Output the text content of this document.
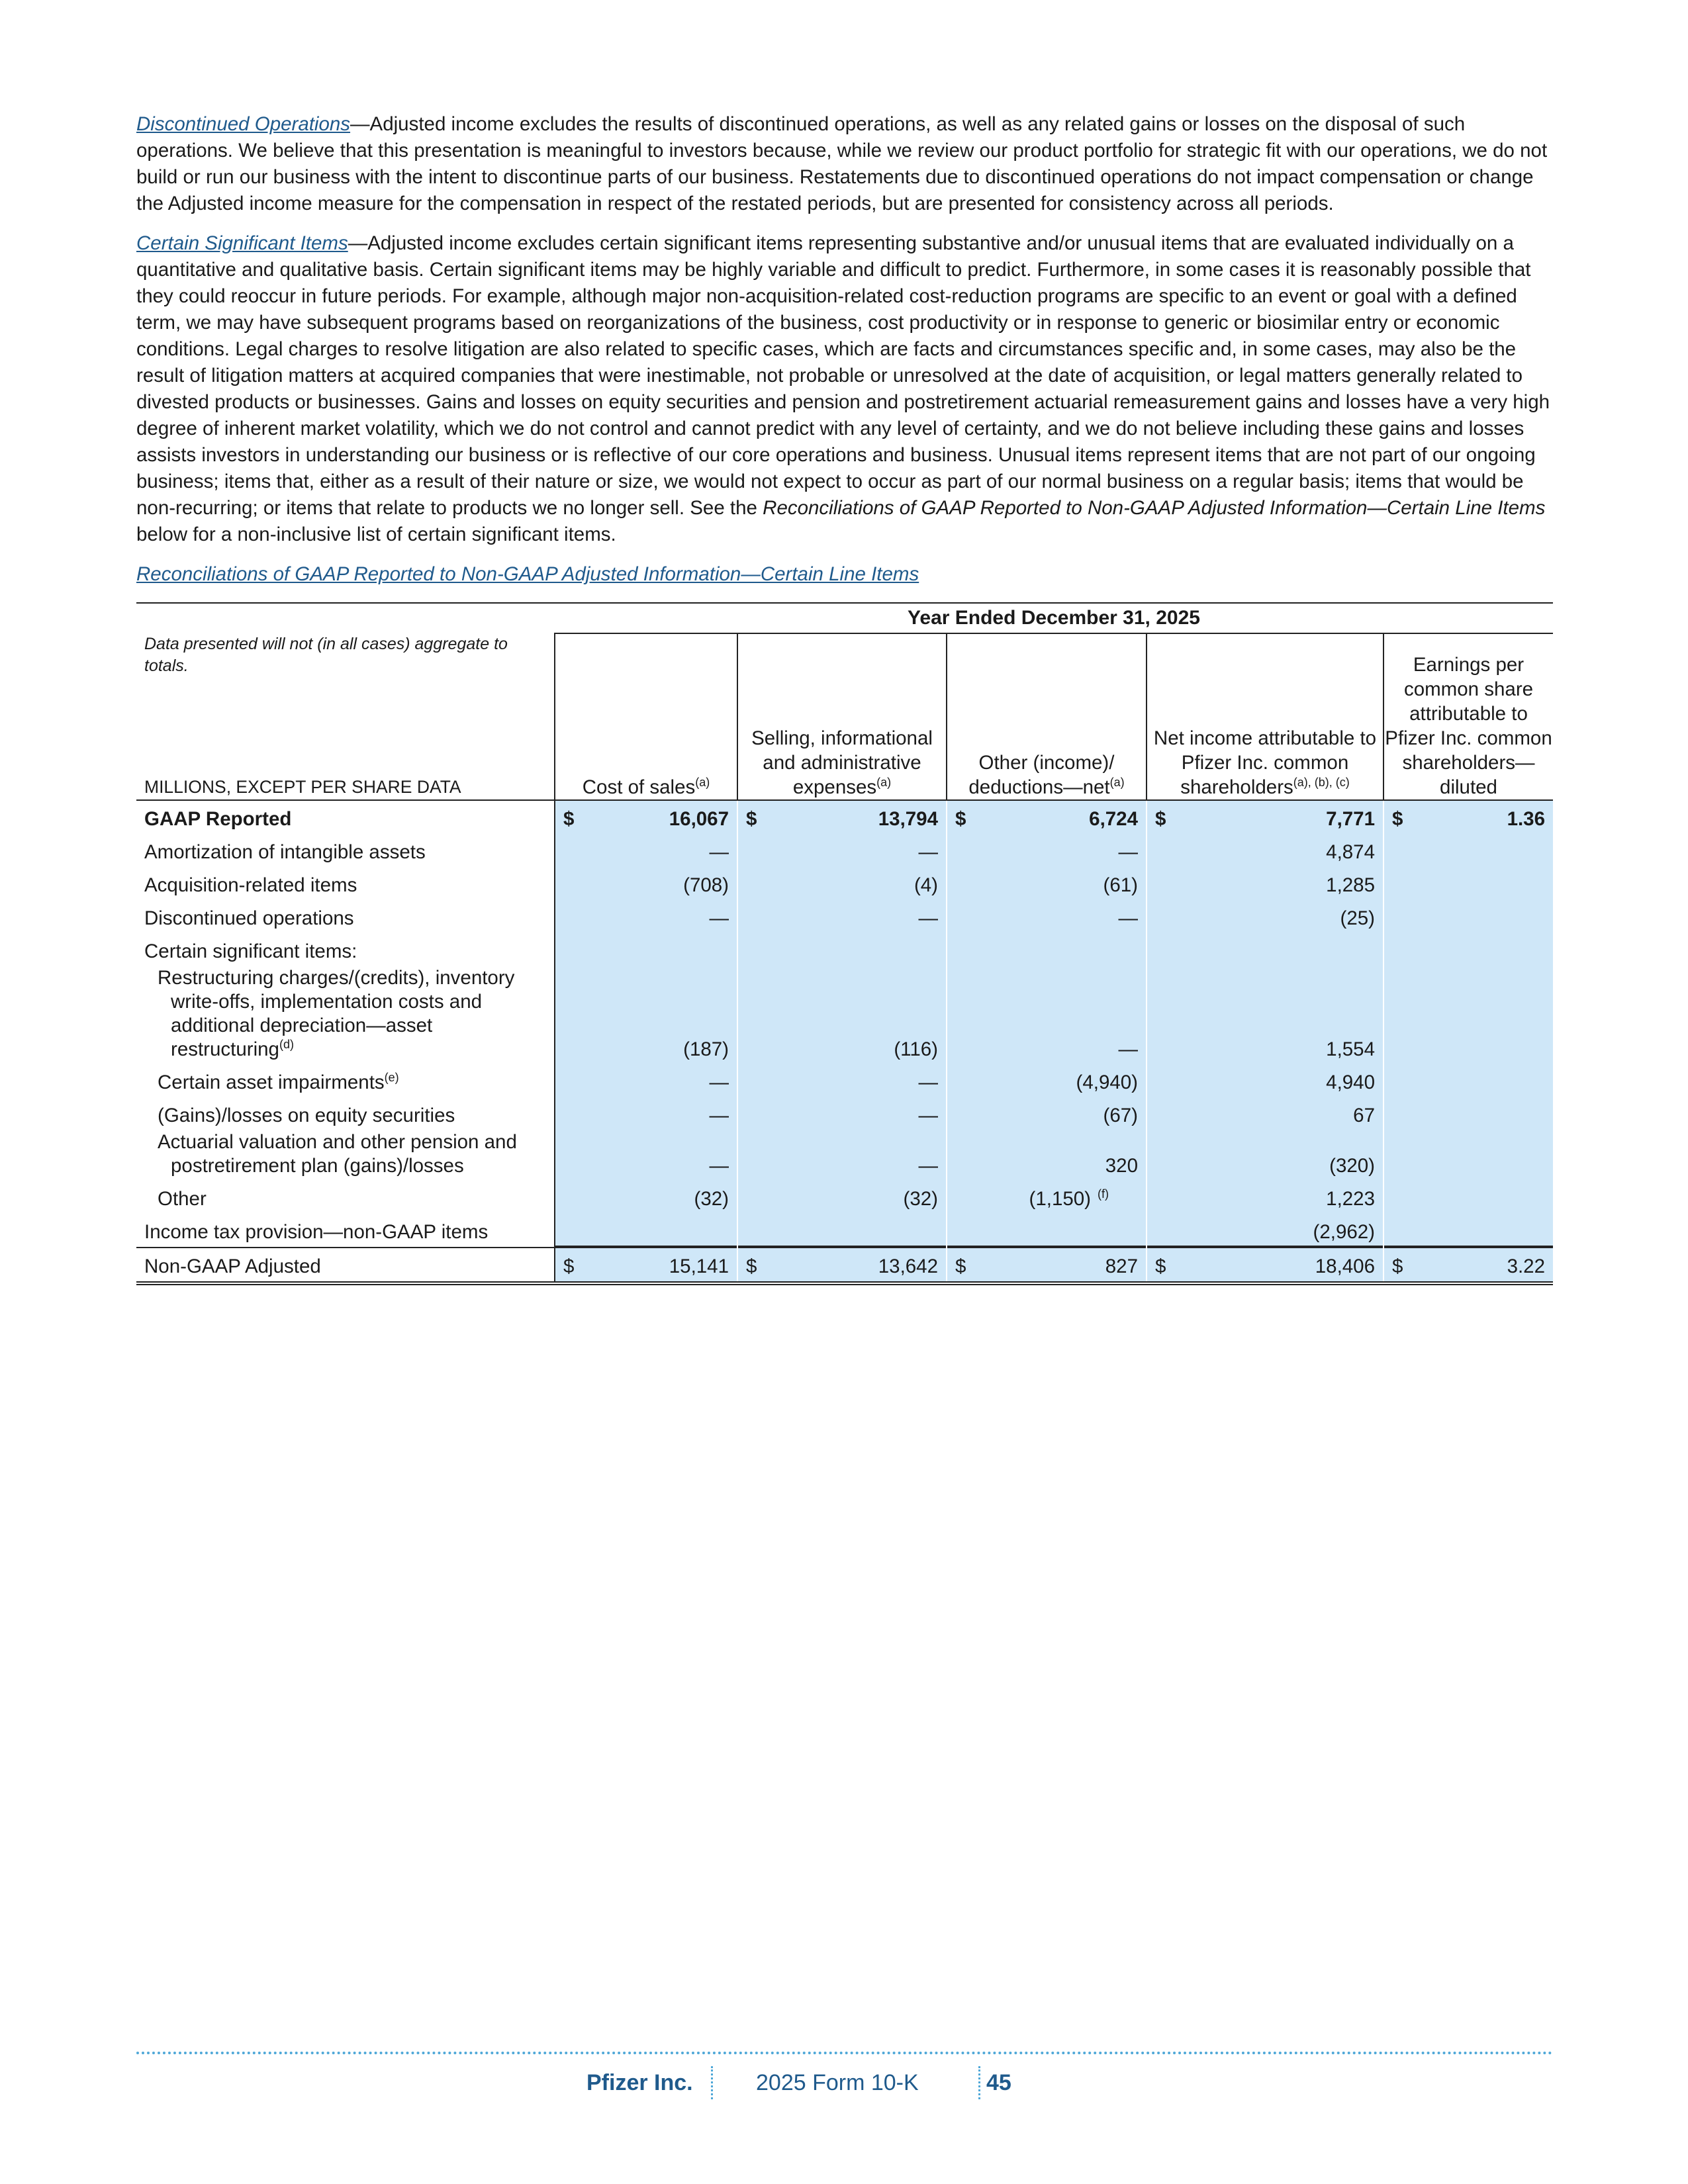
Discontinued Operations—Adjusted income excludes the results of discontinued operations, as well as any related gains or losses on the disposal of such operations. We believe that this presentation is meaningful to investors because, while we review our product portfolio for strategic fit with our operations, we do not build or run our business with the intent to discontinue parts of our business. Restatements due to discontinued operations do not impact compensation or change the Adjusted income measure for the compensation in respect of the restated periods, but are presented for consistency across all periods.

Certain Significant Items—Adjusted income excludes certain significant items representing substantive and/or unusual items that are evaluated individually on a quantitative and qualitative basis. Certain significant items may be highly variable and difficult to predict. Furthermore, in some cases it is reasonably possible that they could reoccur in future periods. For example, although major non-acquisition-related cost-reduction programs are specific to an event or goal with a defined term, we may have subsequent programs based on reorganizations of the business, cost productivity or in response to generic or biosimilar entry or economic conditions. Legal charges to resolve litigation are also related to specific cases, which are facts and circumstances specific and, in some cases, may also be the result of litigation matters at acquired companies that were inestimable, not probable or unresolved at the date of acquisition, or legal matters generally related to divested products or businesses. Gains and losses on equity securities and pension and postretirement actuarial remeasurement gains and losses have a very high degree of inherent market volatility, which we do not control and cannot predict with any level of certainty, and we do not believe including these gains and losses assists investors in understanding our business or is reflective of our core operations and business. Unusual items represent items that are not part of our ongoing business; items that, either as a result of their nature or size, we would not expect to occur as part of our normal business on a regular basis; items that would be non-recurring; or items that relate to products we no longer sell. See the Reconciliations of GAAP Reported to Non-GAAP Adjusted Information—Certain Line Items below for a non-inclusive list of certain significant items.

Reconciliations of GAAP Reported to Non-GAAP Adjusted Information—Certain Line Items

	Year Ended December 31, 2025				

Data presented will not (in all cases) aggregate to totals.
MILLIONS, EXCEPT PER SHARE DATA	Cost of sales$^{(a)}$	Selling, informational and administrative expenses$^{(a)}$	Other (income)/ deductions—net$^{(a)}$	Net income attributable to Pfizer Inc. common shareholders$^{(a), (b), (c)}$	Earnings per common share attributable to Pfizer Inc. common shareholders—diluted
GAAP Reported	$ 16,067	$ 13,794	$ 6,724	$ 7,771	$ 1.36

Amortization of intangible assets	—	—	—	4,874	

Acquisition-related items	(708)	(4)	(61)	1,285	

Discontinued operations	—	—	—	(25)	

Certain significant items:					

Restructuring charges/(credits), inventory
write-offs, implementation costs and
additional depreciation—asset
restructuring$^{(d)}$	(187)	(116)	—	1,554	

Certain asset impairments$^{(e)}$	—	—	(4,940)	4,940	

(Gains)/losses on equity securities	—	—	(67)	67	

Actuarial valuation and other pension and
postretirement plan (gains)/losses	—	—	320	(320)	

Other	(32)	(32)	(1,150) $^{(f)}$	1,223	

Income tax provision—non-GAAP items				(2,962)	

Non-GAAP Adjusted	$ 15,141	$ 13,642	$ 827	$ 18,406	$ 3.22
Pfizer Inc.	2025 Form 10-K	45
